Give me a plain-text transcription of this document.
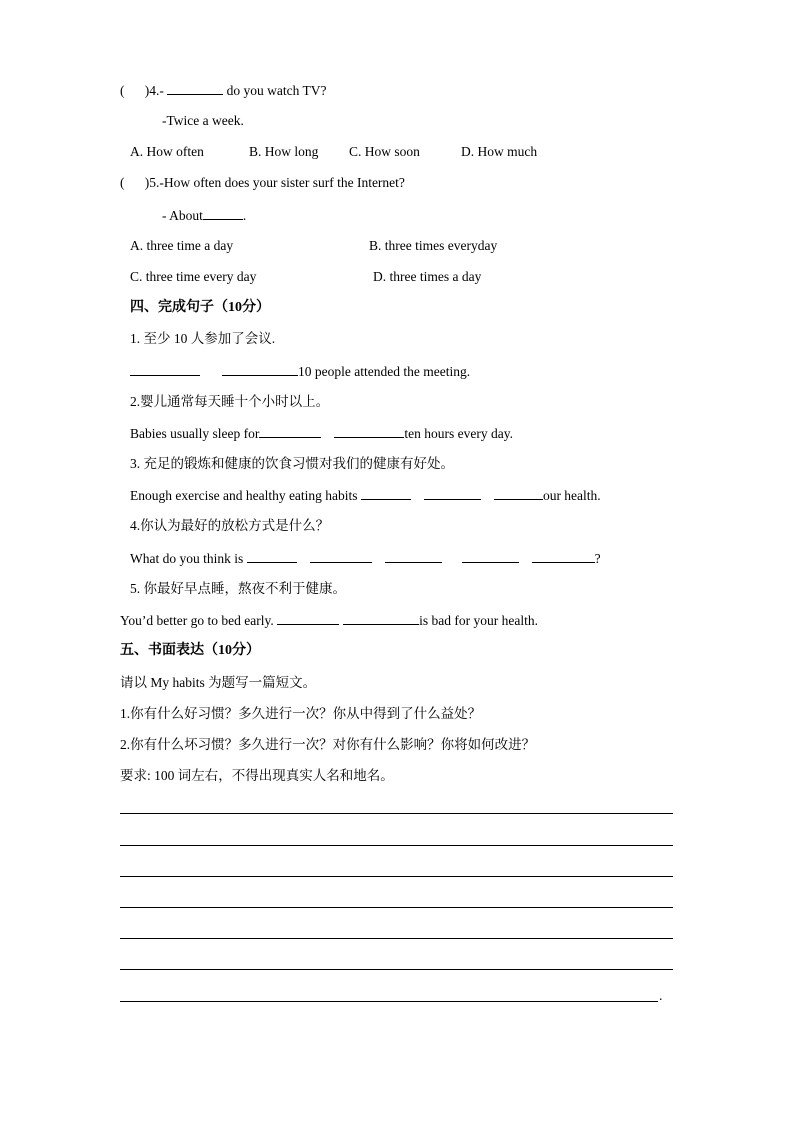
(      )4.-	do you watch TV?
-Twice a week.
A. How often	B. How long C. How soon	D. How much
(      )5.-How often does your sister surf the Internet?
- About	.
A. three time a day	B. three times everyday
C. three time every day	D. three times a day
四、完成句子（10分）
1. 至少 10 人参加了会议.
10 people attended the meeting.
2.婴儿通常每天睡十个小时以上。
Babies usually sleep for	ten hours every day.
3. 充足的锻炼和健康的饮食习惯对我们的健康有好处。
Enough exercise and healthy eating habits	our health.
4.你认为最好的放松方式是什么？
What do you think is	?
5. 你最好早点睡，熬夜不利于健康。
You’d better go to bed early.	is bad for your health.
五、书面表达（10分）
请以 My habits 为题写一篇短文。
1.你有什么好习惯？多久进行一次？你从中得到了什么益处？
2.你有什么坏习惯？多久进行一次？对你有什么影响？你将如何改进？
要求: 100 词左右，不得出现真实人名和地名。
.
